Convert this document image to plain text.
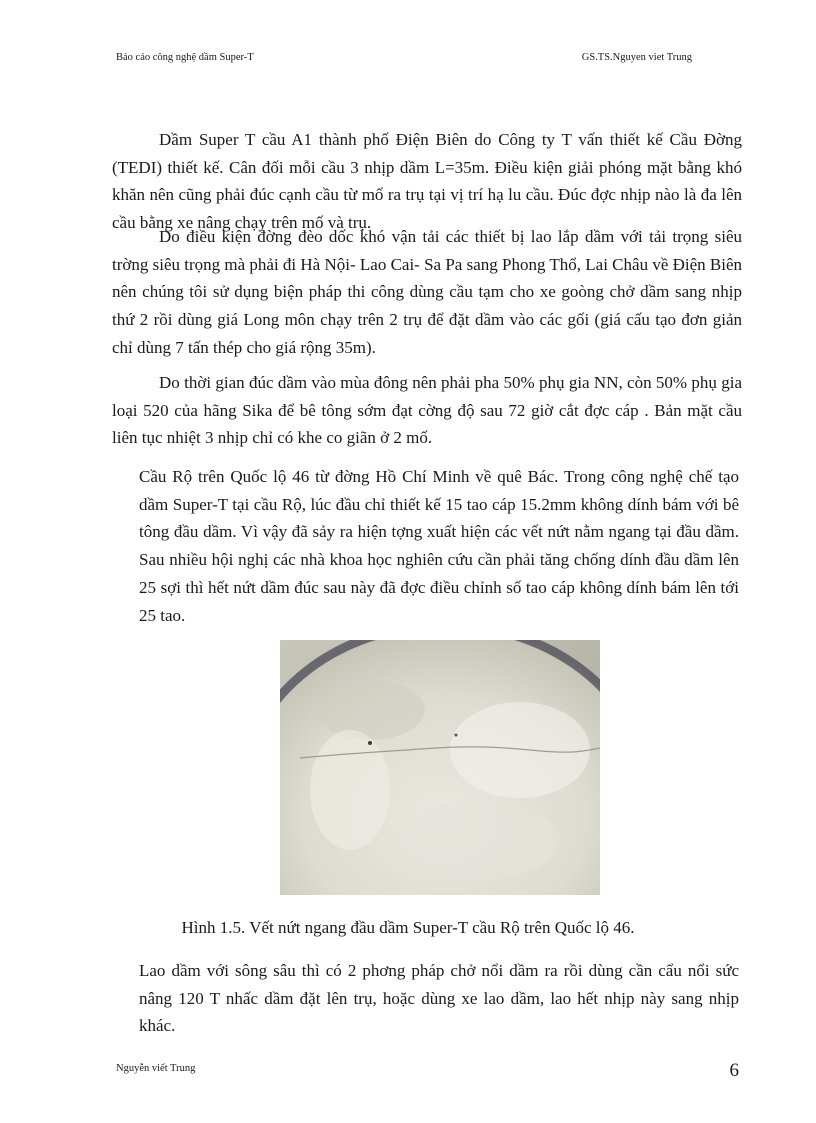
Báo cáo công nghệ dầm Super-T	GS.TS.Nguyen viet Trung

Dầm Super T cầu A1 thành phố Điện Biên do Công ty T vấn thiết kế Cầu Đờng (TEDI) thiết kế. Cân đối mỗi cầu 3 nhịp dầm L=35m. Điều kiện giải phóng mặt bằng khó khăn nên cũng phải đúc cạnh cầu từ mố ra trụ tại vị trí hạ lu cầu. Đúc đợc nhịp nào là đa lên cầu bằng xe nâng chạy trên mố và trụ.

Do điều kiện đờng đèo dốc khó vận tải các thiết bị lao lắp dầm với tải trọng siêu trờng siêu trọng mà phải đi Hà Nội- Lao Cai- Sa Pa sang Phong Thổ, Lai Châu về Điện Biên nên chúng tôi sử dụng biện pháp thi công dùng cầu tạm cho xe goòng chở dầm sang nhịp thứ 2 rồi dùng giá Long môn chạy trên 2 trụ để đặt dầm vào các gối (giá cấu tạo đơn giản chỉ dùng 7 tấn thép cho giá rộng 35m).

Do thời gian đúc dầm vào mùa đông nên phải pha 50% phụ gia NN, còn 50% phụ gia loại 520 của hãng Sika để bê tông sớm đạt cờng độ sau 72 giờ cắt đợc cáp . Bản mặt cầu liên tục nhiệt 3 nhịp chỉ có khe co giãn ở 2 mố.

Cầu Rộ trên Quốc lộ 46 từ đờng Hồ Chí Minh về quê Bác. Trong công nghệ chế tạo dầm Super-T tại cầu Rộ, lúc đầu chỉ thiết kế 15 tao cáp 15.2mm không dính bám với bê tông đầu dầm. Vì vậy đã sảy ra hiện tợng xuất hiện các vết nứt nằm ngang tại đầu dầm. Sau nhiều hội nghị các nhà khoa học nghiên cứu cần phải tăng chống dính đầu dầm lên 25 sợi thì hết nứt dầm đúc sau này đã đợc điều chỉnh số tao cáp không dính bám lên tới 25 tao.

Hình 1.5. Vết nứt ngang đầu dầm Super-T cầu Rộ trên Quốc lộ 46.

Lao dầm với sông sâu thì có 2 phơng pháp chở nổi dầm ra rồi dùng cần cẩu nổi sức nâng 120 T nhấc dầm đặt lên trụ, hoặc dùng xe lao dầm, lao hết nhịp này sang nhịp khác.

Nguyễn viết Trung	6
